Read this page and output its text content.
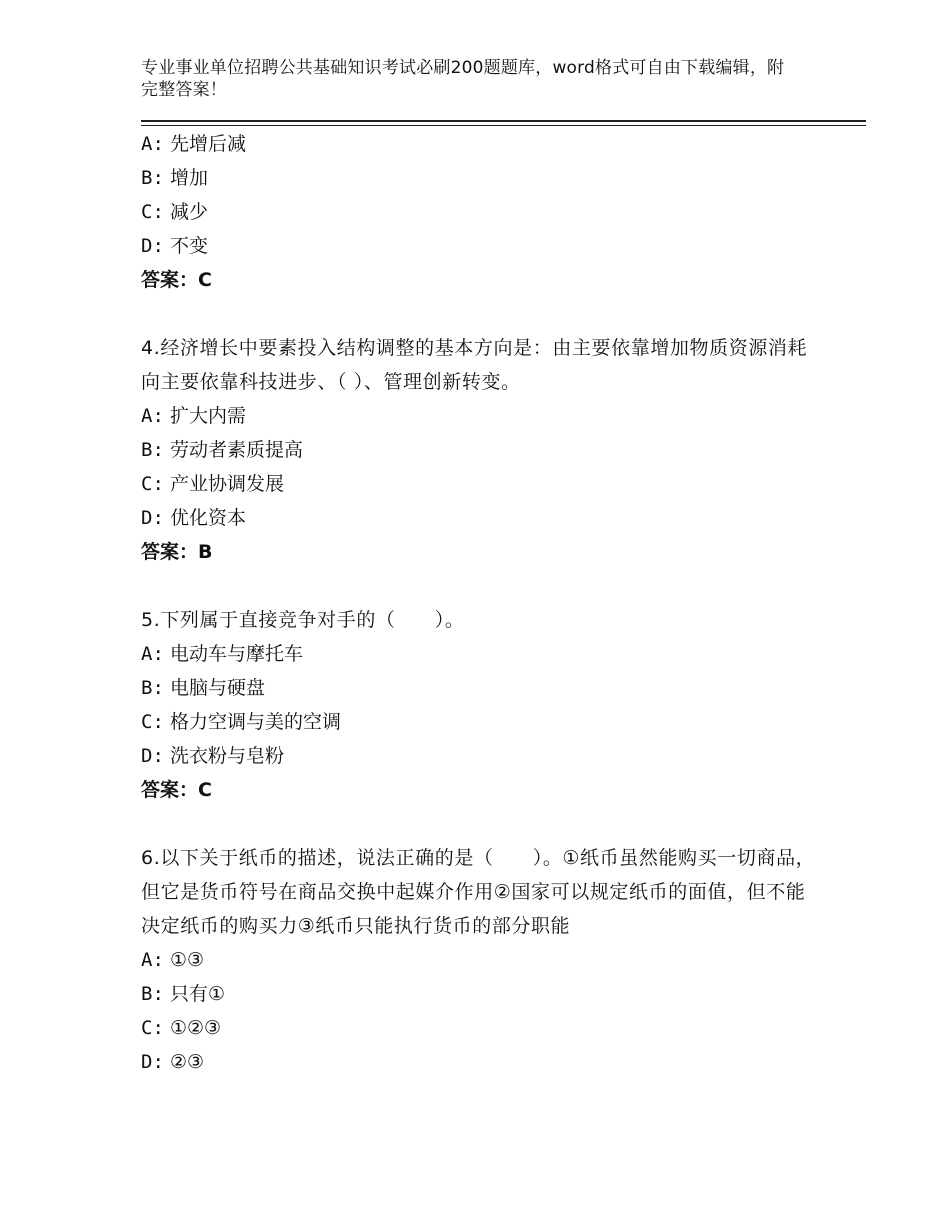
专业事业单位招聘公共基础知识考试必刷200题题库，word格式可自由下载编辑，附完整答案！
A: 先增后减
B: 增加
C: 减少
D: 不变
答案：C
4.经济增长中要素投入结构调整的基本方向是：由主要依靠增加物质资源消耗向主要依靠科技进步、（ ）、管理创新转变。
A: 扩大内需
B: 劳动者素质提高
C: 产业协调发展
D: 优化资本
答案：B
5.下列属于直接竞争对手的（　　）。
A: 电动车与摩托车
B: 电脑与硬盘
C: 格力空调与美的空调
D: 洗衣粉与皂粉
答案：C
6.以下关于纸币的描述，说法正确的是（　　）。①纸币虽然能购买一切商品，但它是货币符号在商品交换中起媒介作用②国家可以规定纸币的面值，但不能决定纸币的购买力③纸币只能执行货币的部分职能
A: ①③
B: 只有①
C: ①②③
D: ②③
